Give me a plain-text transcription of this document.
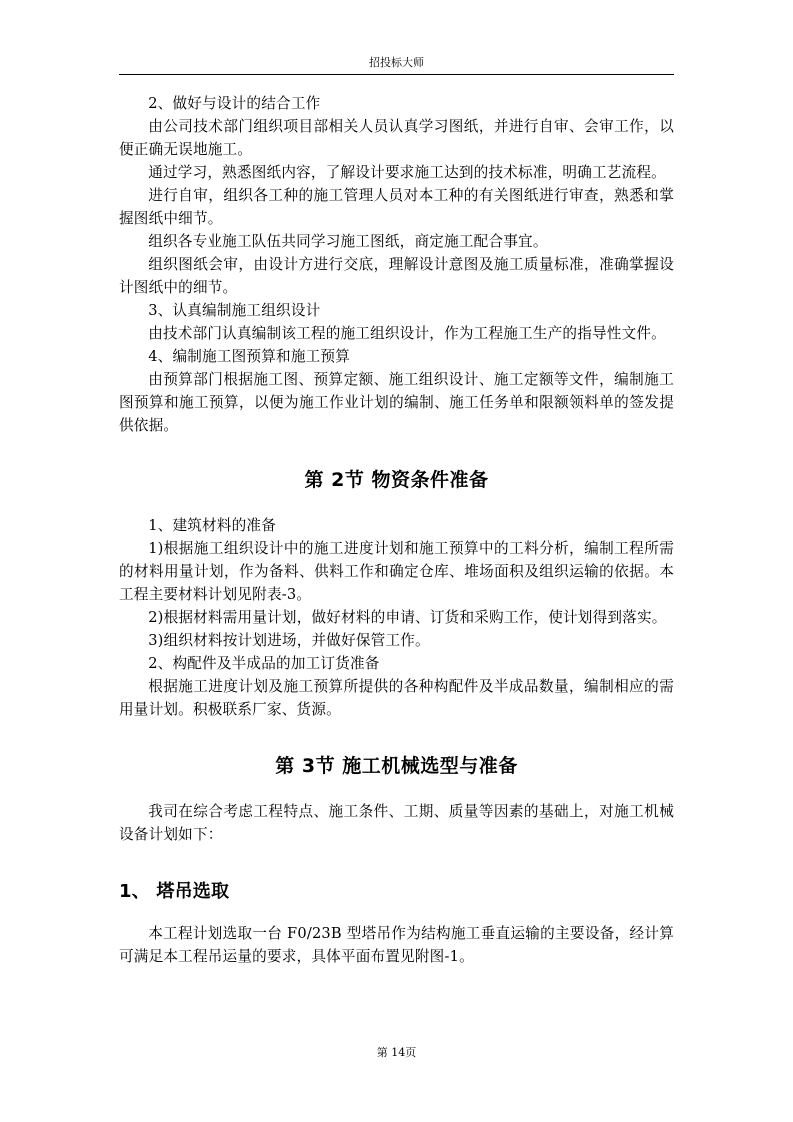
招投标大师

2、做好与设计的结合工作

由公司技术部门组织项目部相关人员认真学习图纸，并进行自审、会审工作，以便正确无误地施工。

通过学习，熟悉图纸内容，了解设计要求施工达到的技术标准，明确工艺流程。

进行自审，组织各工种的施工管理人员对本工种的有关图纸进行审查，熟悉和掌握图纸中细节。

组织各专业施工队伍共同学习施工图纸，商定施工配合事宜。

组织图纸会审，由设计方进行交底，理解设计意图及施工质量标准，准确掌握设计图纸中的细节。

3、认真编制施工组织设计

由技术部门认真编制该工程的施工组织设计，作为工程施工生产的指导性文件。

4、编制施工图预算和施工预算

由预算部门根据施工图、预算定额、施工组织设计、施工定额等文件，编制施工图预算和施工预算，以便为施工作业计划的编制、施工任务单和限额领料单的签发提供依据。

第 2节 物资条件准备

1、建筑材料的准备

1)根据施工组织设计中的施工进度计划和施工预算中的工料分析，编制工程所需的材料用量计划，作为备料、供料工作和确定仓库、堆场面积及组织运输的依据。本工程主要材料计划见附表-3。

2)根据材料需用量计划，做好材料的申请、订货和采购工作，使计划得到落实。

3)组织材料按计划进场，并做好保管工作。

2、构配件及半成品的加工订货准备

根据施工进度计划及施工预算所提供的各种构配件及半成品数量，编制相应的需用量计划。积极联系厂家、货源。

第 3节 施工机械选型与准备

我司在综合考虑工程特点、施工条件、工期、质量等因素的基础上，对施工机械设备计划如下：

1、 塔吊选取

本工程计划选取一台 F0/23B 型塔吊作为结构施工垂直运输的主要设备，经计算可满足本工程吊运量的要求，具体平面布置见附图-1。

第 14页
